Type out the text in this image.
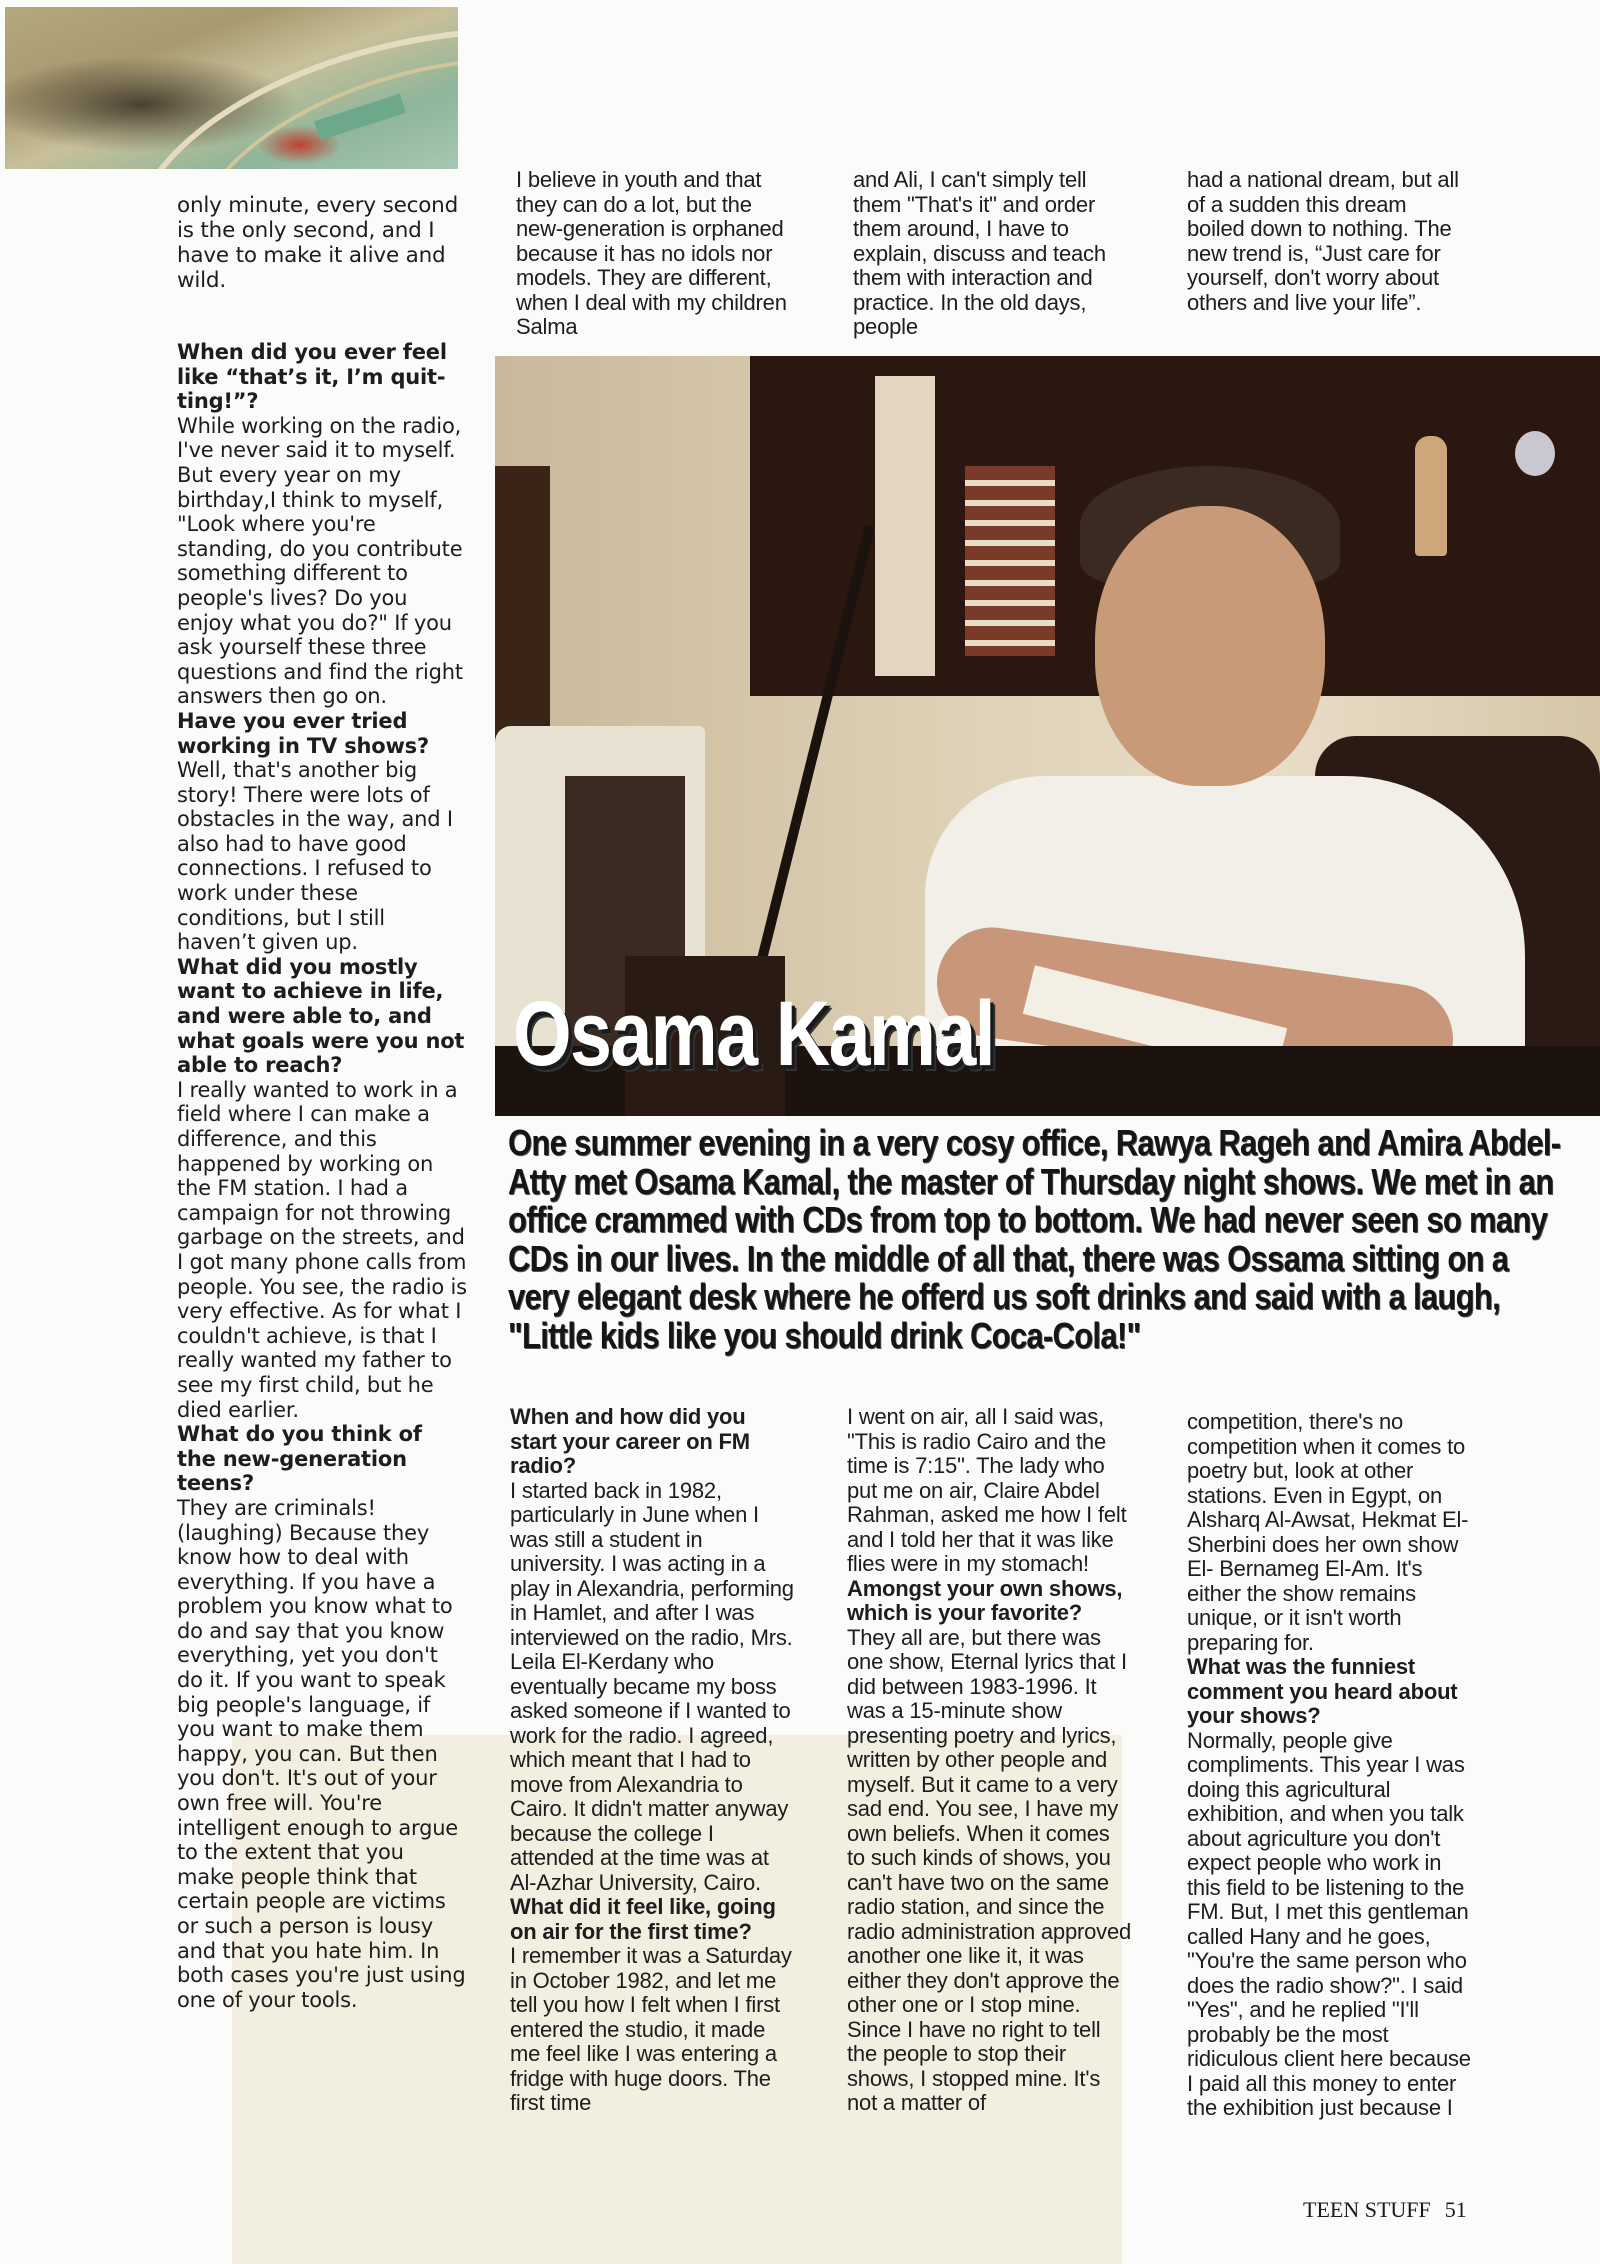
only minute, every second is the only second, and I have to make it alive and wild.

I believe in youth and that they can do a lot, but the new-generation is orphaned because it has no idols nor models. They are different, when I deal with my children Salma

and Ali, I can't simply tell them "That's it" and order them around, I have to explain, discuss and teach them with interaction and practice. In the old days, people

had a national dream, but all of a sudden this dream boiled down to nothing. The new trend is, “Just care for yourself, don't worry about others and live your life”.

When did you ever feel like “that’s it, I’m quit-ting!”?

While working on the radio, I've never said it to myself. But every year on my birthday,I think to myself, "Look where you're standing, do you contribute something different to people's lives? Do you enjoy what you do?" If you ask yourself these three questions and find the right answers then go on.

Have you ever tried working in TV shows?

Well, that's another big story! There were lots of obstacles in the way, and I also had to have good connections. I refused to work under these conditions, but I still haven’t given up.

What did you mostly want to achieve in life, and were able to, and what goals were you not able to reach?

I really wanted to work in a field where I can make a difference, and this happened by working on the FM station. I had a campaign for not throwing garbage on the streets, and I got many phone calls from people. You see, the radio is very effective. As for what I couldn't achieve, is that I really wanted my father to see my first child, but he died earlier.

What do you think of the new-generation teens?

They are criminals! (laughing) Because they know how to deal with everything. If you have a problem you know what to do and say that you know everything, yet you don't do it. If you want to speak big people's language, if you want to make them happy, you can. But then you don't. It's out of your own free will. You're intelligent enough to argue to the extent that you make people think that certain people are victims or such a person is lousy and that you hate him. In both cases you're just using one of your tools.

Osama Kamal
One summer evening in a very cosy office, Rawya Rageh and Amira Abdel-Atty met Osama Kamal, the master of Thursday night shows. We met in an office crammed with CDs from top to bottom. We had never seen so many CDs in our lives. In the middle of all that, there was Ossama sitting on a very elegant desk where he offerd us soft drinks and said with a laugh, "Little kids like you should drink Coca-Cola!"

When and how did you start your career on FM radio?

I started back in 1982, particularly in June when I was still a student in university. I was acting in a play in Alexandria, performing in Hamlet, and after I was interviewed on the radio, Mrs. Leila El-Kerdany who eventually became my boss asked someone if I wanted to work for the radio. I agreed, which meant that I had to move from Alexandria to Cairo. It didn't matter anyway because the college I attended at the time was at Al-Azhar University, Cairo.

What did it feel like, going on air for the first time?

I remember it was a Saturday in October 1982, and let me tell you how I felt when I first entered the studio, it made me feel like I was entering a fridge with huge doors. The first time

I went on air, all I said was, "This is radio Cairo and the time is 7:15". The lady who put me on air, Claire Abdel Rahman, asked me how I felt and I told her that it was like flies were in my stomach!

Amongst your own shows, which is your favorite?

They all are, but there was one show, Eternal lyrics that I did between 1983-1996. It was a 15-minute show presenting poetry and lyrics, written by other people and myself. But it came to a very sad end. You see, I have my own beliefs. When it comes to such kinds of shows, you can't have two on the same radio station, and since the radio administration approved another one like it, it was either they don't approve the other one or I stop mine. Since I have no right to tell the people to stop their shows, I stopped mine. It's not a matter of

competition, there's no competition when it comes to poetry but, look at other stations. Even in Egypt, on Alsharq Al-Awsat, Hekmat El-Sherbini does her own show El- Bernameg El-Am. It's either the show remains unique, or it isn't worth preparing for.

What was the funniest comment you heard about your shows?

Normally, people give compliments. This year I was doing this agricultural exhibition, and when you talk about agriculture you don't expect people who work in this field to be listening to the FM. But, I met this gentleman called Hany and he goes, "You're the same person who does the radio show?". I said "Yes", and he replied "I'll probably be the most ridiculous client here because I paid all this money to enter the exhibition just because I

TEEN STUFF 51
